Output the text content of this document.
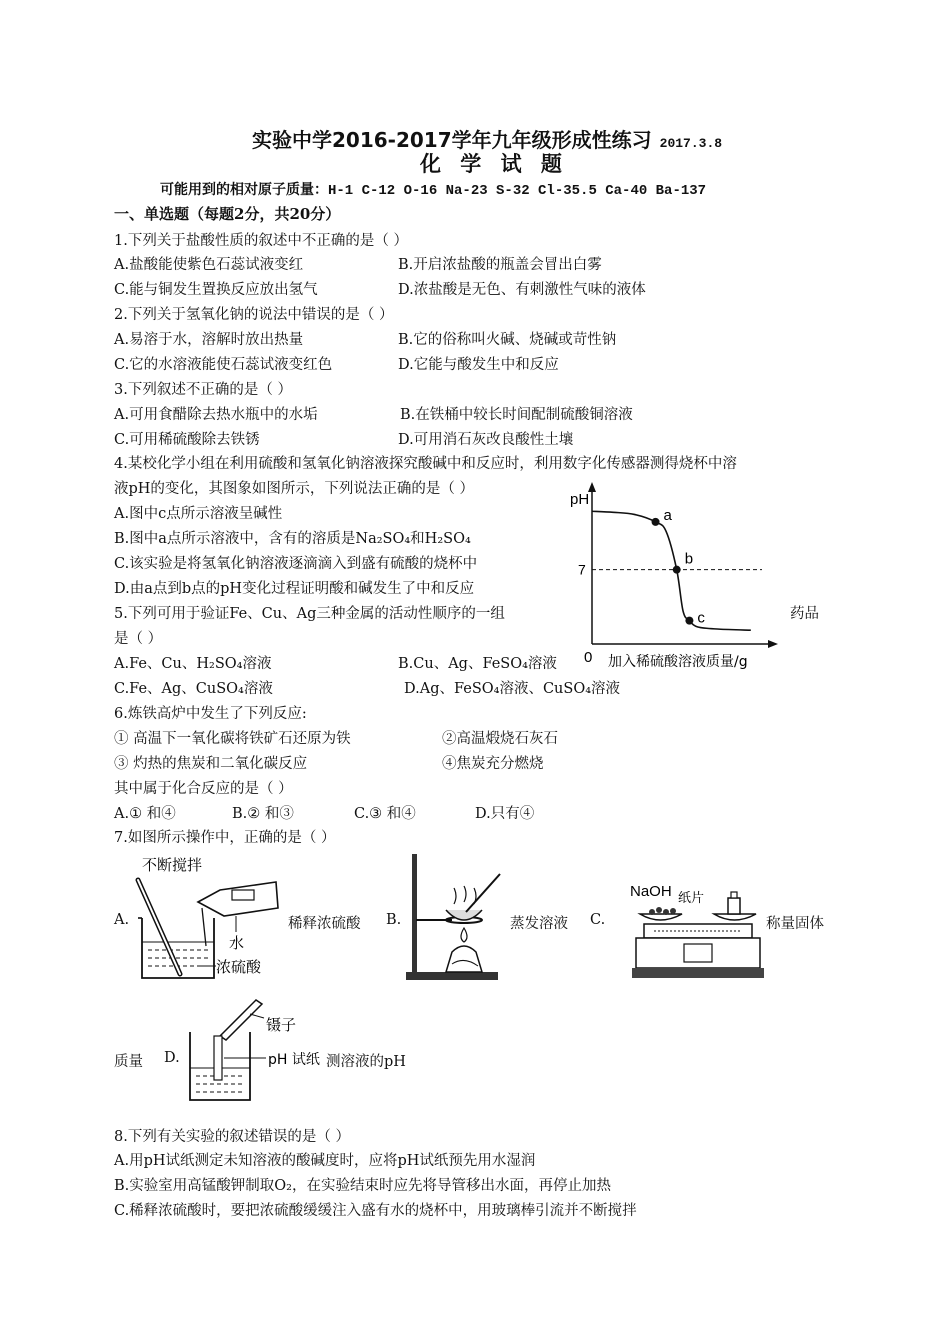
实验中学2016-2017学年九年级形成性练习 2017.3.8
化 学 试 题
可能用到的相对原子质量：H-1 C-12 O-16 Na-23 S-32 Cl-35.5 Ca-40 Ba-137
一、单选题（每题2分，共20分）
1.下列关于盐酸性质的叙述中不正确的是（ ）
A.盐酸能使紫色石蕊试液变红	B.开启浓盐酸的瓶盖会冒出白雾
C.能与铜发生置换反应放出氢气	D.浓盐酸是无色、有刺激性气味的液体
2.下列关于氢氧化钠的说法中错误的是（ ）
A.易溶于水，溶解时放出热量	B.它的俗称叫火碱、烧碱或苛性钠
C.它的水溶液能使石蕊试液变红色	D.它能与酸发生中和反应
3.下列叙述不正确的是（ ）
A.可用食醋除去热水瓶中的水垢	B.在铁桶中较长时间配制硫酸铜溶液
C.可用稀硫酸除去铁锈	D.可用消石灰改良酸性土壤
4.某校化学小组在利用硫酸和氢氧化钠溶液探究酸碱中和反应时，利用数字化传感器测得烧杯中溶
液pH的变化，其图象如图所示，下列说法正确的是（ ）
A.图中c点所示溶液呈碱性
B.图中a点所示溶液中，含有的溶质是Na₂SO₄和H₂SO₄
C.该实验是将氢氧化钠溶液逐滴滴入到盛有硫酸的烧杯中
D.由a点到b点的pH变化过程证明酸和碱发生了中和反应
pH
0 加入稀硫酸溶液质量/g
7
a
b
c
5.下列可用于验证Fe、Cu、Ag三种金属的活动性顺序的一组	药品
是（ ）
A.Fe、Cu、H₂SO₄溶液	B.Cu、Ag、FeSO₄溶液
C.Fe、Ag、CuSO₄溶液	D.Ag、FeSO₄溶液、CuSO₄溶液
6.炼铁高炉中发生了下列反应:
① 高温下一氧化碳将铁矿石还原为铁	②高温煅烧石灰石
③ 灼热的焦炭和二氧化碳反应	④焦炭充分燃烧
其中属于化合反应的是（ ）
A.① 和④	B.② 和③	C.③ 和④	D.只有④
7.如图所示操作中，正确的是（ ）
不断搅拌
水
浓硫酸
A.	稀释浓硫酸 B.	蒸发溶液 C.
NaOH 纸片
称量固体
质量 D.
镊子
pH 试纸 测溶液的pH
8.下列有关实验的叙述错误的是（ ）
A.用pH试纸测定未知溶液的酸碱度时，应将pH试纸预先用水湿润
B.实验室用高锰酸钾制取O₂，在实验结束时应先将导管移出水面，再停止加热
C.稀释浓硫酸时，要把浓硫酸缓缓注入盛有水的烧杯中，用玻璃棒引流并不断搅拌
